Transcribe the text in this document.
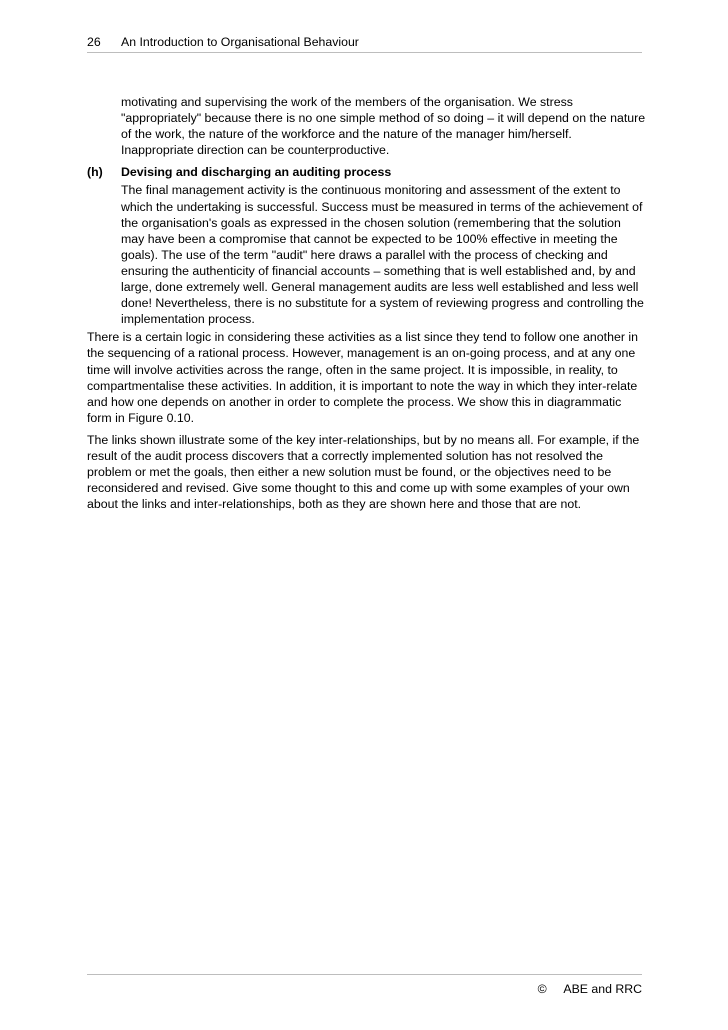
26 An Introduction to Organisational Behaviour

motivating and supervising the work of the members of the organisation. We stress "appropriately" because there is no one simple method of so doing – it will depend on the nature of the work, the nature of the workforce and the nature of the manager him/herself. Inappropriate direction can be counterproductive.

(h) Devising and discharging an auditing process

The final management activity is the continuous monitoring and assessment of the extent to which the undertaking is successful. Success must be measured in terms of the achievement of the organisation's goals as expressed in the chosen solution (remembering that the solution may have been a compromise that cannot be expected to be 100% effective in meeting the goals). The use of the term "audit" here draws a parallel with the process of checking and ensuring the authenticity of financial accounts – something that is well established and, by and large, done extremely well. General management audits are less well established and less well done! Nevertheless, there is no substitute for a system of reviewing progress and controlling the implementation process.

There is a certain logic in considering these activities as a list since they tend to follow one another in the sequencing of a rational process. However, management is an on-going process, and at any one time will involve activities across the range, often in the same project. It is impossible, in reality, to compartmentalise these activities. In addition, it is important to note the way in which they inter-relate and how one depends on another in order to complete the process. We show this in diagrammatic form in Figure 0.10.

The links shown illustrate some of the key inter-relationships, but by no means all. For example, if the result of the audit process discovers that a correctly implemented solution has not resolved the problem or met the goals, then either a new solution must be found, or the objectives need to be reconsidered and revised. Give some thought to this and come up with some examples of your own about the links and inter-relationships, both as they are shown here and those that are not.

© ABE and RRC
